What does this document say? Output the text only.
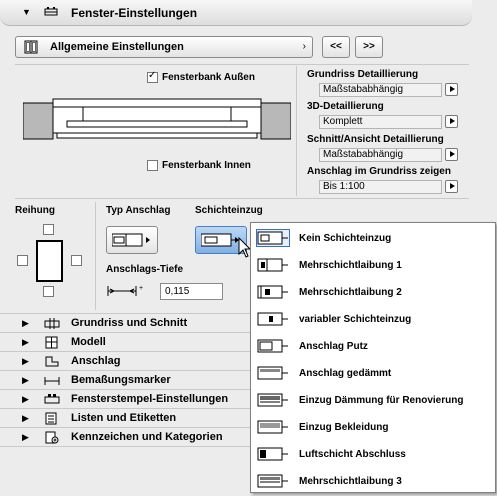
▼	Fenster-Einstellungen
Allgemeine Einstellungen	›	<<	>>
✓
Fensterbank Außen
Fensterbank Innen
Grundriss Detaillierung
Maßstababhängig
3D-Detaillierung
Komplett
Schnitt/Ansicht Detaillierung
Maßstababhängig
Anschlag im Grundriss zeigen
Bis 1:100
Reihung	Typ Anschlag Schichteinzug
Anschlags-Tiefe
+	0,115
▶	Grundriss und Schnitt
▶	Modell
▶	Anschlag
▶	Bemaßungsmarker
▶	Fensterstempel-Einstellungen
▶	Listen und Etiketten
▶	Kennzeichen und Kategorien
Kein Schichteinzug
Mehrschichtlaibung 1
Mehrschichtlaibung 2
variabler Schichteinzug
Anschlag Putz
Anschlag gedämmt
Einzug Dämmung für Renovierung
Einzug Bekleidung
Luftschicht Abschluss
Mehrschichtlaibung 3
